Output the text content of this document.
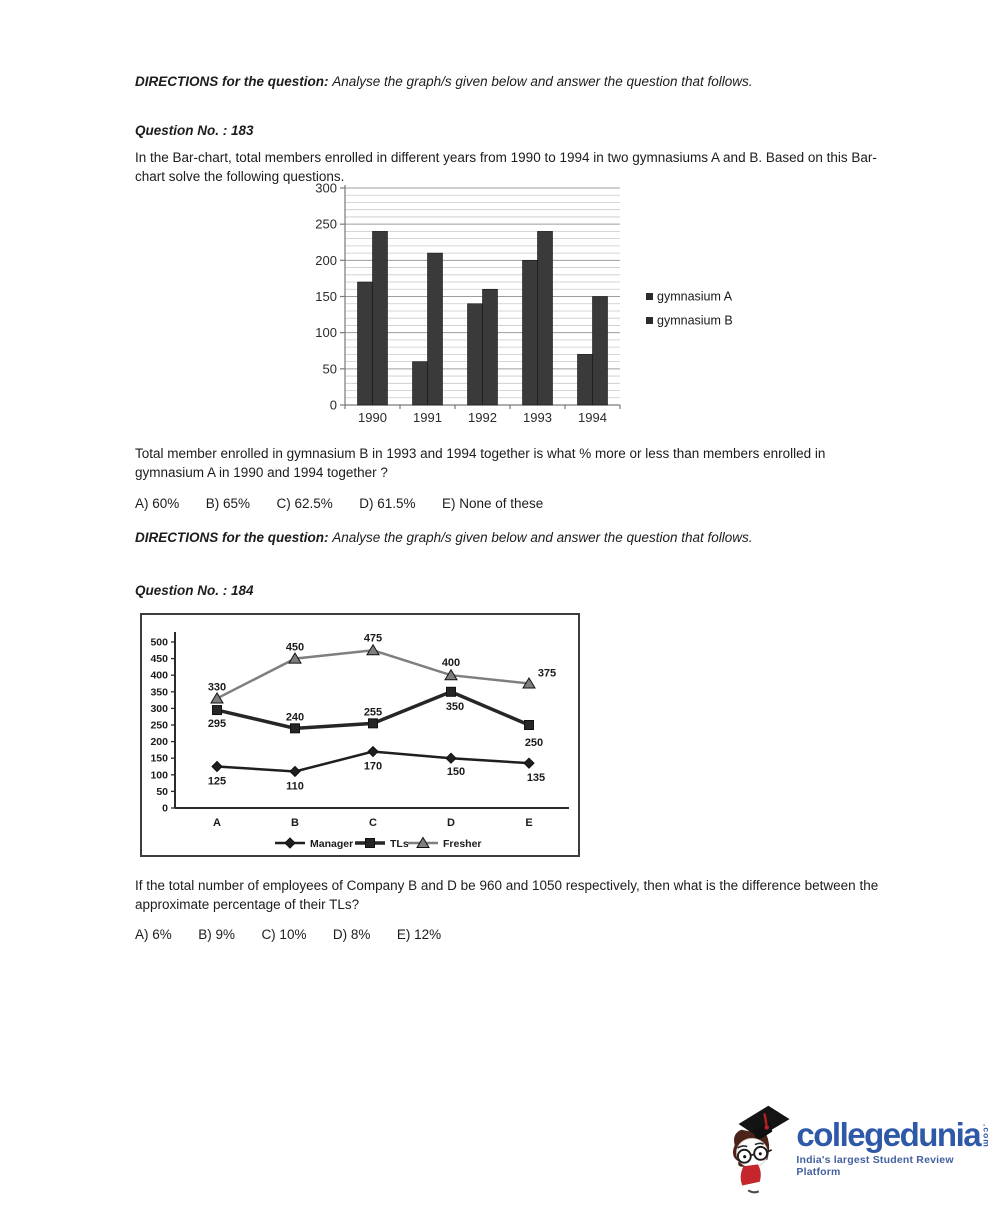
DIRECTIONS for the question: Analyse the graph/s given below and answer the question that follows.
Question No. : 183
In the Bar-chart, total members enrolled in different years from 1990 to 1994 in two gymnasiums A and B. Based on this Bar-chart solve the following questions.
0
50
100
150
200
250
300
1990 1991 1992 1993 1994
gymnasium A
gymnasium B
Total member enrolled in gymnasium B in 1993 and 1994 together is what % more or less than members enrolled in gymnasium A in 1990 and 1994 together ?
A) 60% B) 65% C) 62.5% D) 61.5% E) None of these
DIRECTIONS for the question: Analyse the graph/s given below and answer the question that follows.
Question No. : 184
0
50
100
150
200
250
300
350
400
450
500
A	B	C	D	E
125	110
170	150	135
295
240	255	350
250
330
450
475
400
375
Manager	TLs	Fresher
If the total number of employees of Company B and D be 960 and 1050 respectively, then what is the difference between the approximate percentage of their TLs?
A) 6% B) 9% C) 10% D) 8% E) 12%
collegedunia .com
India's largest Student Review Platform
